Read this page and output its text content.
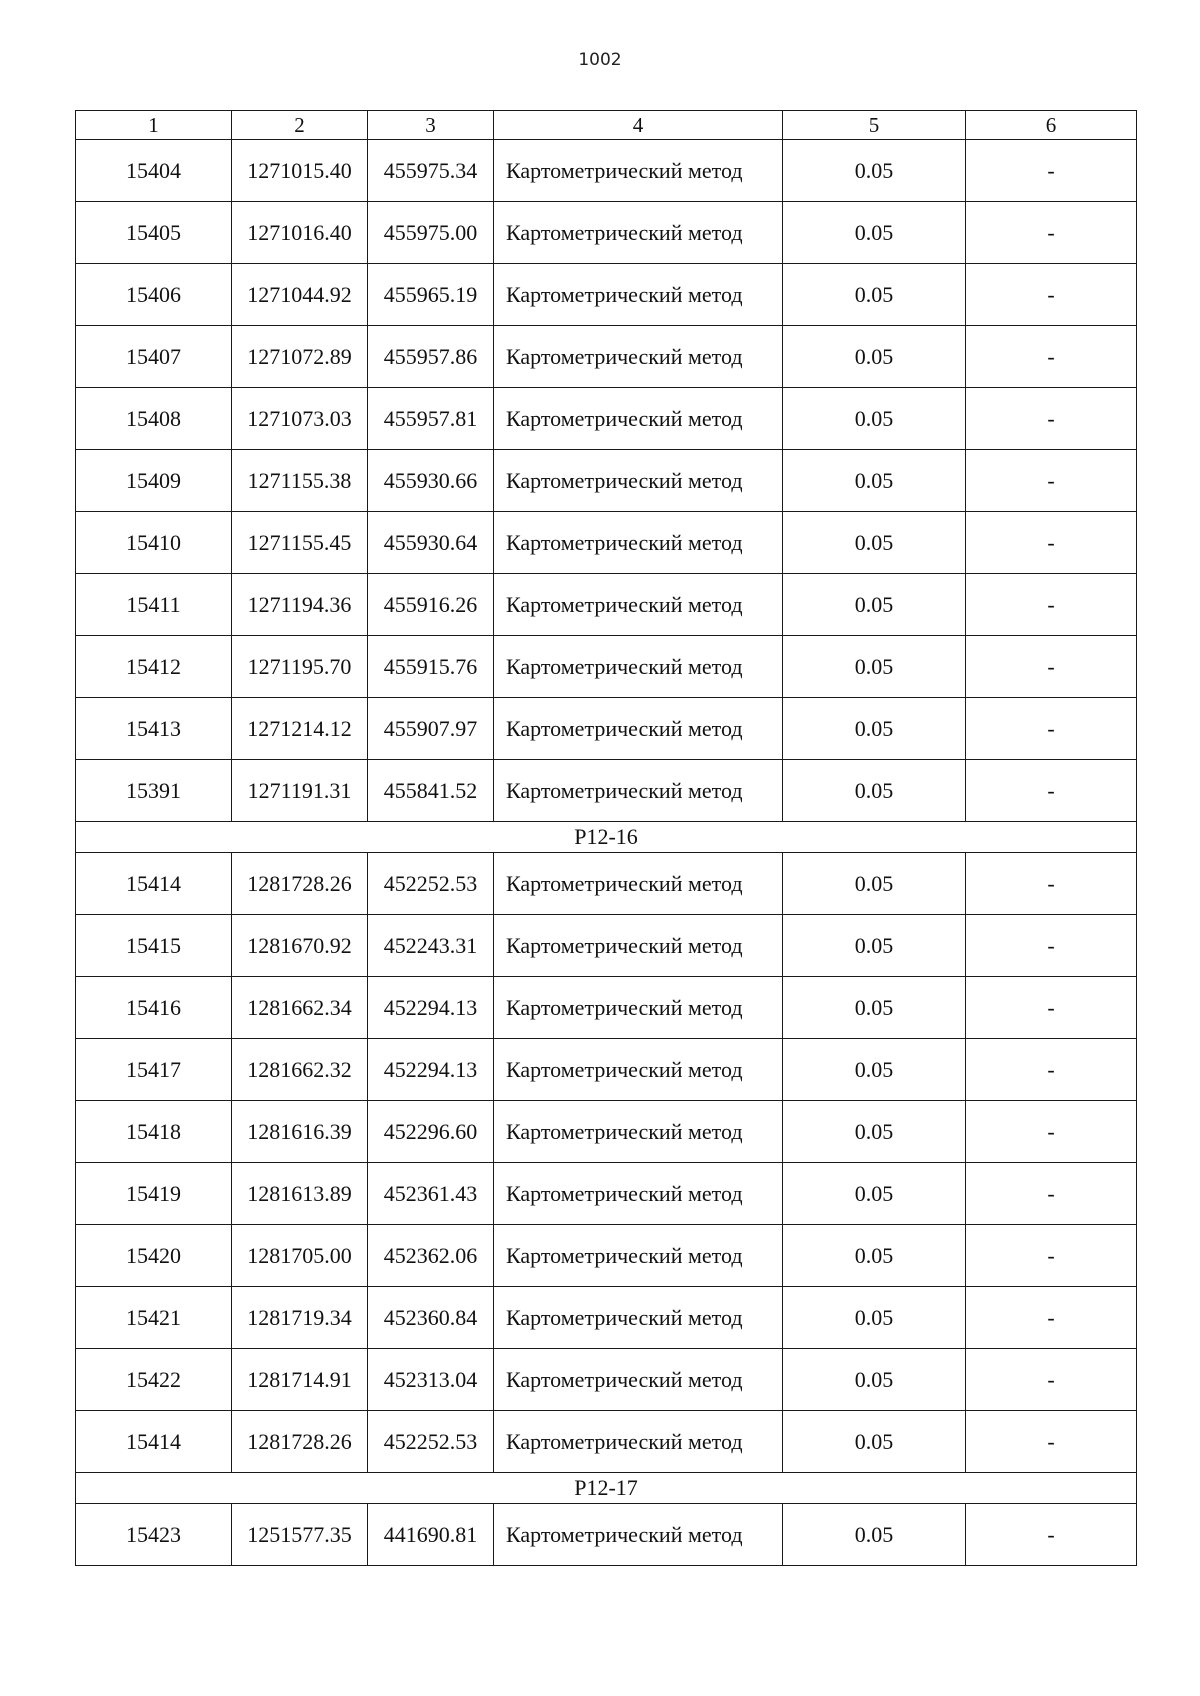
1002
1	2	3	4	5	6
15404	1271015.40	455975.34	Картометрический метод	0.05	-
15405	1271016.40	455975.00	Картометрический метод	0.05	-
15406	1271044.92	455965.19	Картометрический метод	0.05	-
15407	1271072.89	455957.86	Картометрический метод	0.05	-
15408	1271073.03	455957.81	Картометрический метод	0.05	-
15409	1271155.38	455930.66	Картометрический метод	0.05	-
15410	1271155.45	455930.64	Картометрический метод	0.05	-
15411	1271194.36	455916.26	Картометрический метод	0.05	-
15412	1271195.70	455915.76	Картометрический метод	0.05	-
15413	1271214.12	455907.97	Картометрический метод	0.05	-
15391	1271191.31	455841.52	Картометрический метод	0.05	-
Р12-16					
15414	1281728.26	452252.53	Картометрический метод	0.05	-
15415	1281670.92	452243.31	Картометрический метод	0.05	-
15416	1281662.34	452294.13	Картометрический метод	0.05	-
15417	1281662.32	452294.13	Картометрический метод	0.05	-
15418	1281616.39	452296.60	Картометрический метод	0.05	-
15419	1281613.89	452361.43	Картометрический метод	0.05	-
15420	1281705.00	452362.06	Картометрический метод	0.05	-
15421	1281719.34	452360.84	Картометрический метод	0.05	-
15422	1281714.91	452313.04	Картометрический метод	0.05	-
15414	1281728.26	452252.53	Картометрический метод	0.05	-
Р12-17					
15423	1251577.35	441690.81	Картометрический метод	0.05	-
